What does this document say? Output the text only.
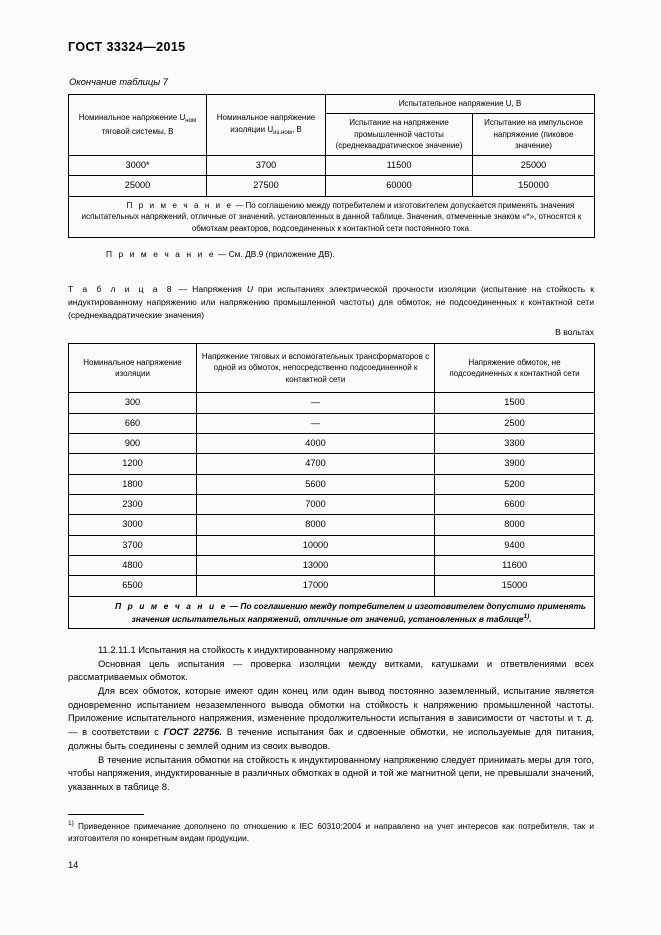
ГОСТ 33324—2015
Окончание таблицы 7
Номинальное напряжение $U_{ном}$ тяговой системы, В	Номинальное напряжение изоляции $U_{из.ном}$, В	Испытательное напряжение U, В	
		Испытание на напряжение промышленной частоты (среднеквадратическое значение)	Испытание на импульсное напряжение (пиковое значение)
3000*	3700	11500	25000
25000	27500	60000	150000

П р и м е ч а н и е — По соглашению между потребителем и изготовителем допускается применять значения испытательных напряжений, отличные от значений, установленных в данной таблице. Значения, отмеченные знаком «*», относятся к обмоткам реакторов, подсоединенных к контактной сети постоянного тока.			

П р и м е ч а н и е — См. ДВ.9 (приложение ДВ).

Т а б л и ц а 8 — Напряжения U при испытаниях электрической прочности изоляции (испытание на стойкость к индуктированному напряжению или напряжению промышленной частоты) для обмоток, не подсоединенных к контактной сети (среднеквадратические значения)

В вольтах
Номинальное напряжение изоляции	Напряжение тяговых и вспомогательных трансформаторов с одной из обмоток, непосредственно подсоединенной к контактной сети	Напряжение обмоток, не подсоединенных к контактной сети
300	—	1500
660	—	2500
900	4000	3300
1200	4700	3900
1800	5600	5200
2300	7000	6600
3000	8000	8000
3700	10000	9400
4800	13000	11600
6500	17000	15000

П р и м е ч а н и е — По соглашению между потребителем и изготовителем допустимо применять значения испытательных напряжений, отличные от значений, установленных в таблице$^{1)}$.		

11.2.11.1 Испытания на стойкость к индуктированному напряжению

Основная цель испытания — проверка изоляции между витками, катушками и ответвлениями всех рассматриваемых обмоток.

Для всех обмоток, которые имеют один конец или один вывод постоянно заземленный, испытание является одновременно испытанием незаземленного вывода обмотки на стойкость к напряжению промышленной частоты. Приложение испытательного напряжения, изменение продолжительности испытания в зависимости от частоты и т. д. — в соответствии с ГОСТ 22756. В течение испытания бак и сдвоенные обмотки, не используемые для питания, должны быть соединены с землей одним из своих выводов.

В течение испытания обмотки на стойкость к индуктированному напряжению следует принимать меры для того, чтобы напряжения, индуктированные в различных обмотках в одной и той же магнитной цепи, не превышали значений, указанных в таблице 8.

$^{1)}$ Приведенное примечание дополнено по отношению к IEC 60310:2004 и направлено на учет интересов как потребителя, так и изготовителя по конкретным видам продукции.

14
